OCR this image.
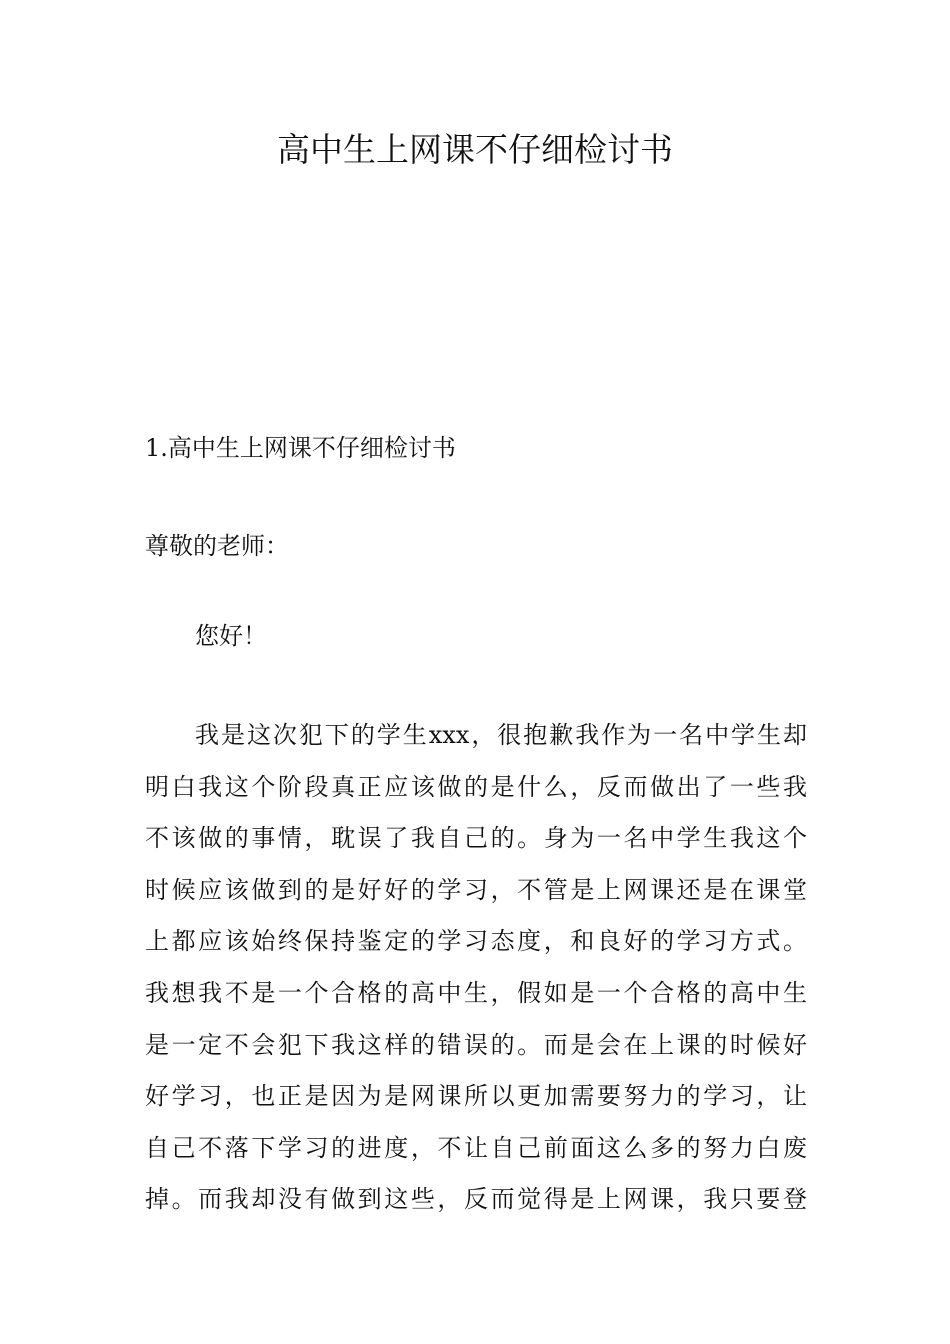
高中生上网课不仔细检讨书
1.高中生上网课不仔细检讨书

尊敬的老师：

您好！

我是这次犯下的学生xxx，很抱歉我作为一名中学生却
明白我这个阶段真正应该做的是什么，反而做出了一些我
不该做的事情，耽误了我自己的。身为一名中学生我这个
时候应该做到的是好好的学习，不管是上网课还是在课堂
上都应该始终保持鉴定的学习态度，和良好的学习方式。
我想我不是一个合格的高中生，假如是一个合格的高中生
是一定不会犯下我这样的错误的。而是会在上课的时候好
好学习，也正是因为是网课所以更加需要努力的学习，让
自己不落下学习的进度，不让自己前面这么多的努力白废
掉。而我却没有做到这些，反而觉得是上网课，我只要登
